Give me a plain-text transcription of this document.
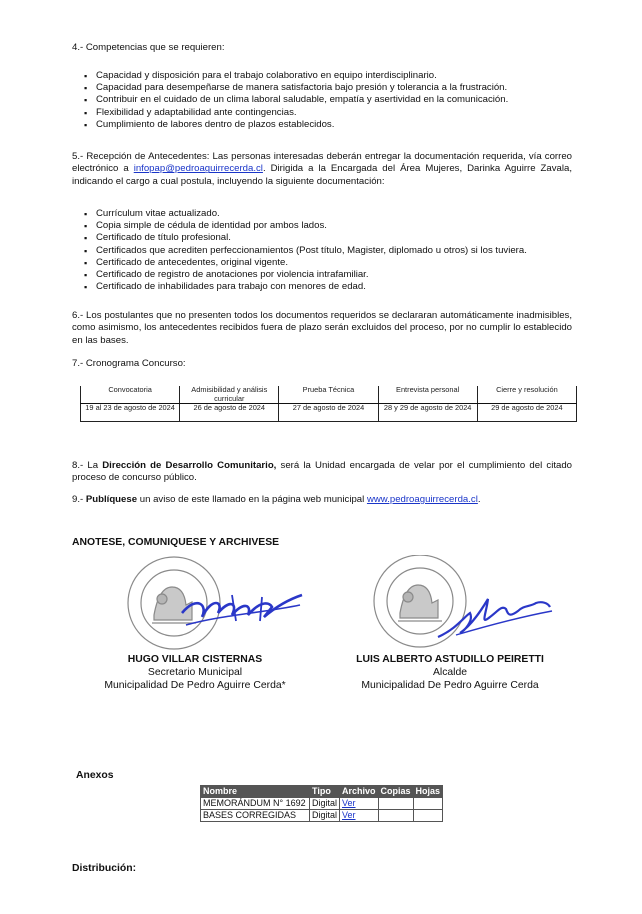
4.- Competencias que se requieren:

▪ Capacidad y disposición para el trabajo colaborativo en equipo interdisciplinario.
▪ Capacidad para desempeñarse de manera satisfactoria bajo presión y tolerancia a la frustración.
▪ Contribuir en el cuidado de un clima laboral saludable, empatía y asertividad en la comunicación.
▪ Flexibilidad y adaptabilidad ante contingencias.
▪ Cumplimiento de labores dentro de plazos establecidos.

5.- Recepción de Antecedentes: Las personas interesadas deberán entregar la documentación requerida, vía correo electrónico a infopap@pedroaguirrecerda.cl. Dirigida a la Encargada del Área Mujeres, Darinka Aguirre Zavala, indicando el cargo a cual postula, incluyendo la siguiente documentación:

▪ Currículum vitae actualizado.
▪ Copia simple de cédula de identidad por ambos lados.
▪ Certificado de título profesional.
▪ Certificados que acrediten perfeccionamientos (Post título, Magister, diplomado u otros) si los tuviera.
▪ Certificado de antecedentes, original vigente.
▪ Certificado de registro de anotaciones por violencia intrafamiliar.
▪ Certificado de inhabilidades para trabajo con menores de edad.

6.- Los postulantes que no presenten todos los documentos requeridos se declararan automáticamente inadmisibles, como asimismo, los antecedentes recibidos fuera de plazo serán excluidos del proceso, por no cumplir lo establecido en las bases.

7.- Cronograma Concurso:

Convocatoria	Admisibilidad y análisis curricular	Prueba Técnica	Entrevista personal	Cierre y resolución
19 al 23 de agosto de 2024	26 de agosto de 2024	27 de agosto de 2024	28 y 29 de agosto de 2024	29 de agosto de 2024

8.- La Dirección de Desarrollo Comunitario, será la Unidad encargada de velar por el cumplimiento del citado proceso de concurso público.

9.- Publíquese un aviso de este llamado en la página web municipal www.pedroaguirrecerda.cl.

ANOTESE, COMUNIQUESE Y ARCHIVESE
HUGO VILLAR CISTERNAS
Secretario Municipal
Municipalidad De Pedro Aguirre Cerda*
LUIS ALBERTO ASTUDILLO PEIRETTI
Alcalde
Municipalidad De Pedro Aguirre Cerda
Anexos
Nombre	Tipo	Archivo	Copias	Hojas
MEMORÁNDUM N° 1692	Digital	Ver		
BASES CORREGIDAS	Digital	Ver		
Distribución:
